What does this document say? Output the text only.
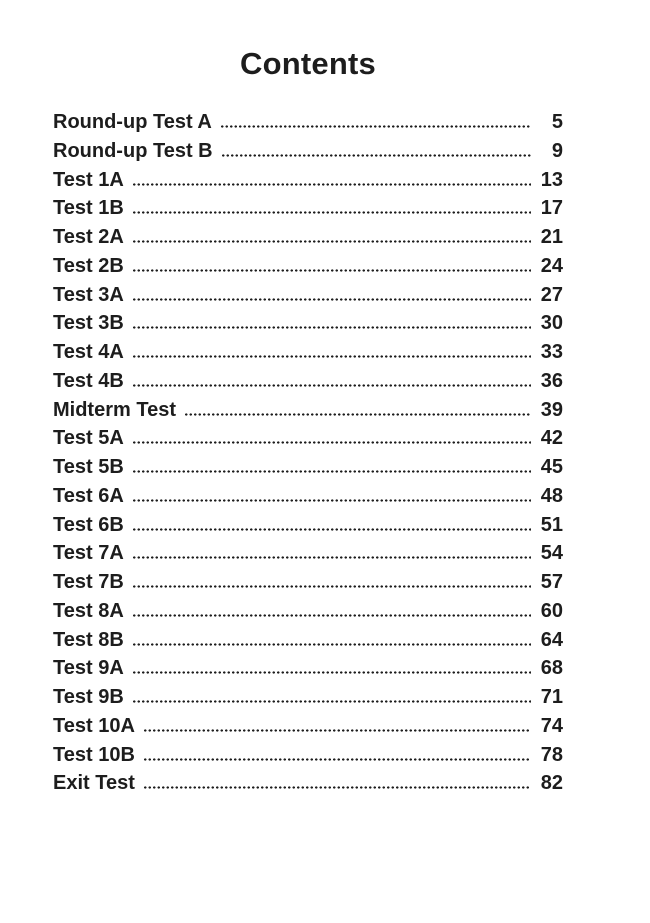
Contents
Round-up Test A	5
Round-up Test B	9
Test 1A	13
Test 1B	17
Test 2A	21
Test 2B	24
Test 3A	27
Test 3B	30
Test 4A	33
Test 4B	36
Midterm Test	39
Test 5A	42
Test 5B	45
Test 6A	48
Test 6B	51
Test 7A	54
Test 7B	57
Test 8A	60
Test 8B	64
Test 9A	68
Test 9B	71
Test 10A	74
Test 10B	78
Exit Test	82
